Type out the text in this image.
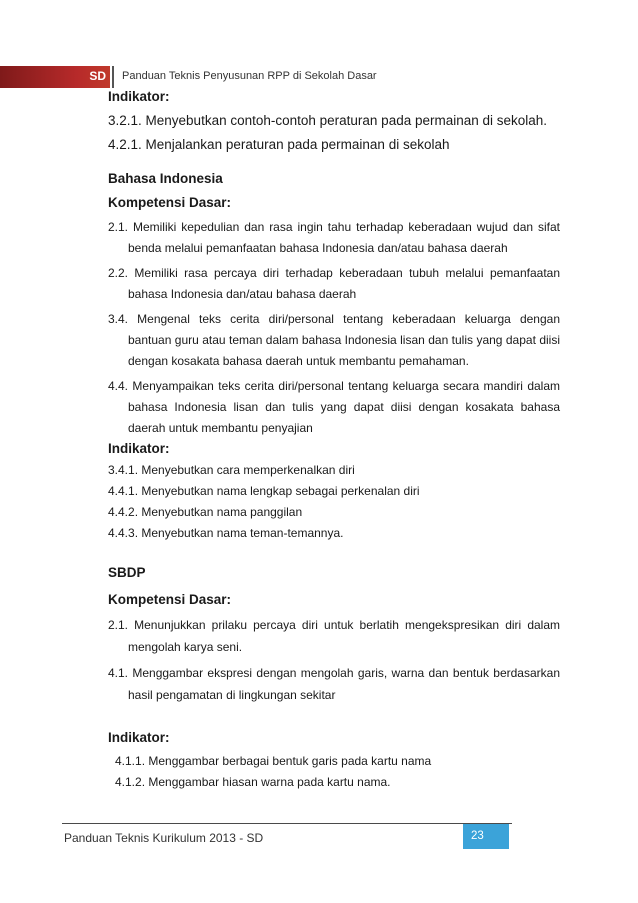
SD Panduan Teknis Penyusunan RPP di Sekolah Dasar
Indikator:
3.2.1. Menyebutkan contoh-contoh peraturan pada permainan di sekolah.
4.2.1. Menjalankan peraturan pada permainan di sekolah
Bahasa Indonesia
Kompetensi Dasar:
2.1. Memiliki kepedulian dan rasa ingin tahu terhadap keberadaan wujud dan sifat benda melalui pemanfaatan bahasa Indonesia dan/atau bahasa daerah
2.2. Memiliki rasa percaya diri terhadap keberadaan tubuh melalui pemanfaatan bahasa Indonesia dan/atau bahasa daerah
3.4. Mengenal teks cerita diri/personal tentang keberadaan keluarga dengan bantuan guru atau teman dalam bahasa Indonesia lisan dan tulis yang dapat diisi dengan kosakata bahasa daerah untuk membantu pemahaman.
4.4. Menyampaikan teks cerita diri/personal tentang keluarga secara mandiri dalam bahasa Indonesia lisan dan tulis yang dapat diisi dengan kosakata bahasa daerah untuk membantu penyajian
Indikator:
3.4.1. Menyebutkan cara memperkenalkan diri
4.4.1. Menyebutkan nama lengkap sebagai perkenalan diri
4.4.2. Menyebutkan nama panggilan
4.4.3. Menyebutkan nama teman-temannya.
SBDP
Kompetensi Dasar:
2.1. Menunjukkan prilaku percaya diri untuk berlatih mengekspresikan diri dalam mengolah karya seni.
4.1. Menggambar ekspresi dengan mengolah garis, warna dan bentuk berdasarkan hasil pengamatan di lingkungan sekitar
Indikator:
4.1.1. Menggambar berbagai bentuk garis pada kartu nama
4.1.2. Menggambar hiasan warna pada kartu nama.
Panduan Teknis Kurikulum 2013 - SD	23
